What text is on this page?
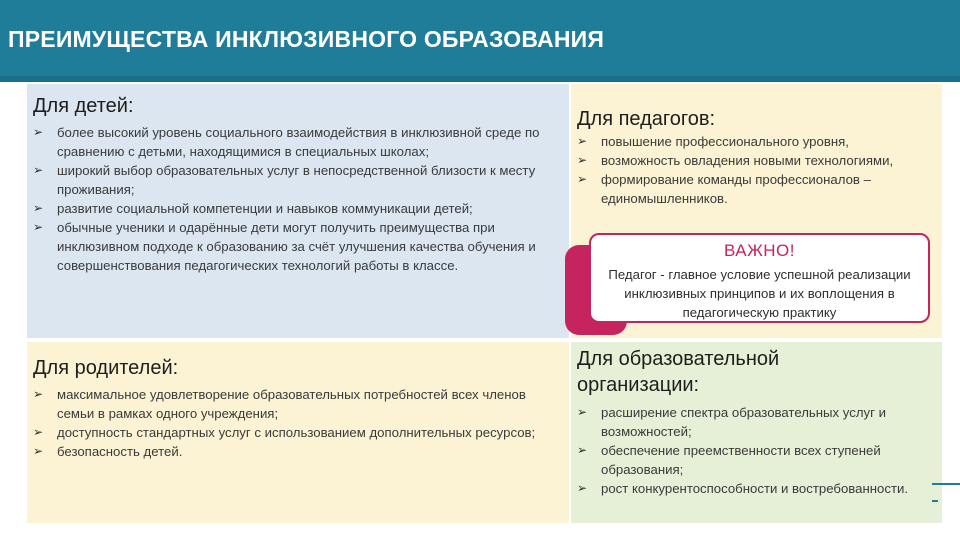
ПРЕИМУЩЕСТВА ИНКЛЮЗИВНОГО ОБРАЗОВАНИЯ
Для детей:
➢ более высокий уровень социального взаимодействия в инклюзивной среде по сравнению с детьми, находящимися в специальных школах;
➢ широкий выбор образовательных услуг в непосредственной близости к месту проживания;
➢ развитие социальной компетенции и навыков коммуникации детей;
➢ обычные ученики и одарённые дети могут получить преимущества при инклюзивном подходе к образованию за счёт улучшения качества обучения и совершенствования педагогических технологий работы в классе.
Для педагогов:
➢ повышение профессионального уровня,
➢ возможность овладения новыми технологиями,
➢ формирование команды профессионалов – единомышленников.
ВАЖНО!
Педагог - главное условие успешной реализации инклюзивных принципов и их воплощения в педагогическую практику
Для родителей:
➢ максимальное удовлетворение образовательных потребностей всех членов семьи в рамках одного учреждения;
➢ доступность стандартных услуг с использованием дополнительных ресурсов;
➢ безопасность детей.
Для образовательной организации:
➢ расширение спектра образовательных услуг и возможностей;
➢ обеспечение преемственности всех ступеней образования;
➢ рост конкурентоспособности и востребованности.
